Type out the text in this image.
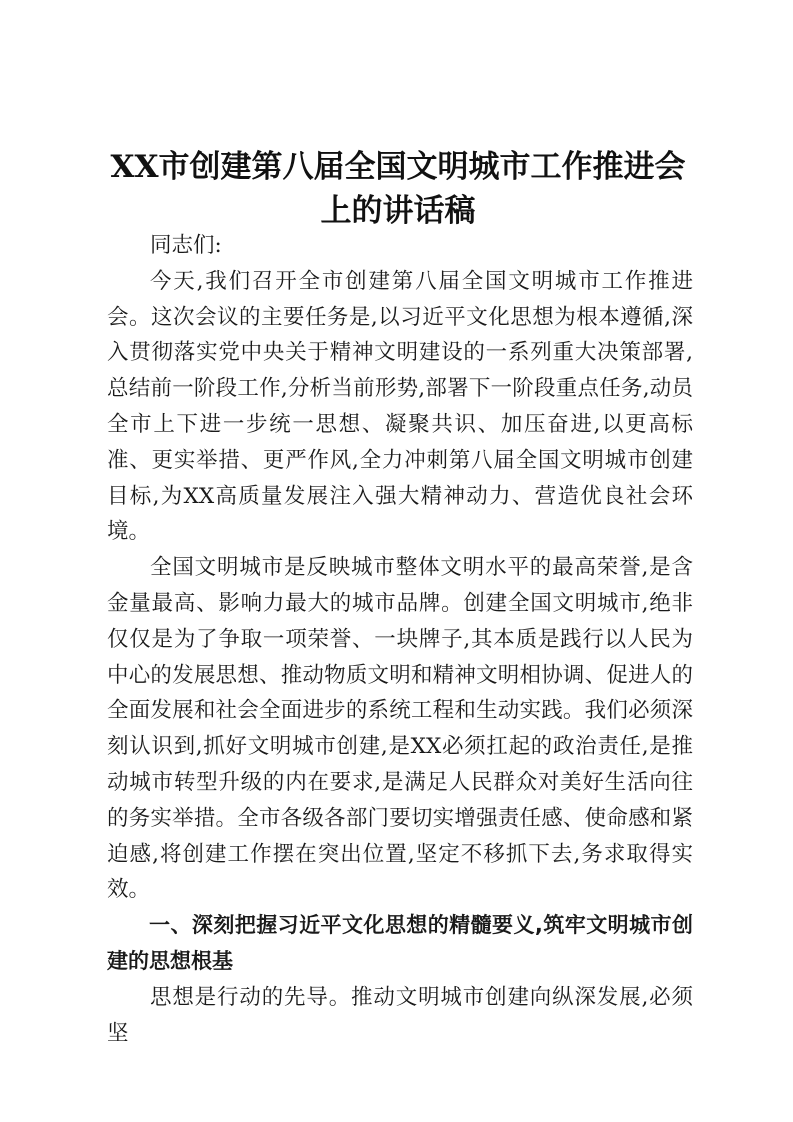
XX市创建第八届全国文明城市工作推进会上的讲话稿

同志们:

今天,我们召开全市创建第八届全国文明城市工作推进会。这次会议的主要任务是,以习近平文化思想为根本遵循,深入贯彻落实党中央关于精神文明建设的一系列重大决策部署,总结前一阶段工作,分析当前形势,部署下一阶段重点任务,动员全市上下进一步统一思想、凝聚共识、加压奋进,以更高标准、更实举措、更严作风,全力冲刺第八届全国文明城市创建目标,为XX高质量发展注入强大精神动力、营造优良社会环境。

全国文明城市是反映城市整体文明水平的最高荣誉,是含金量最高、影响力最大的城市品牌。创建全国文明城市,绝非仅仅是为了争取一项荣誉、一块牌子,其本质是践行以人民为中心的发展思想、推动物质文明和精神文明相协调、促进人的全面发展和社会全面进步的系统工程和生动实践。我们必须深刻认识到,抓好文明城市创建,是XX必须扛起的政治责任,是推动城市转型升级的内在要求,是满足人民群众对美好生活向往的务实举措。全市各级各部门要切实增强责任感、使命感和紧迫感,将创建工作摆在突出位置,坚定不移抓下去,务求取得实效。

一、深刻把握习近平文化思想的精髓要义,筑牢文明城市创建的思想根基

思想是行动的先导。推动文明城市创建向纵深发展,必须坚
